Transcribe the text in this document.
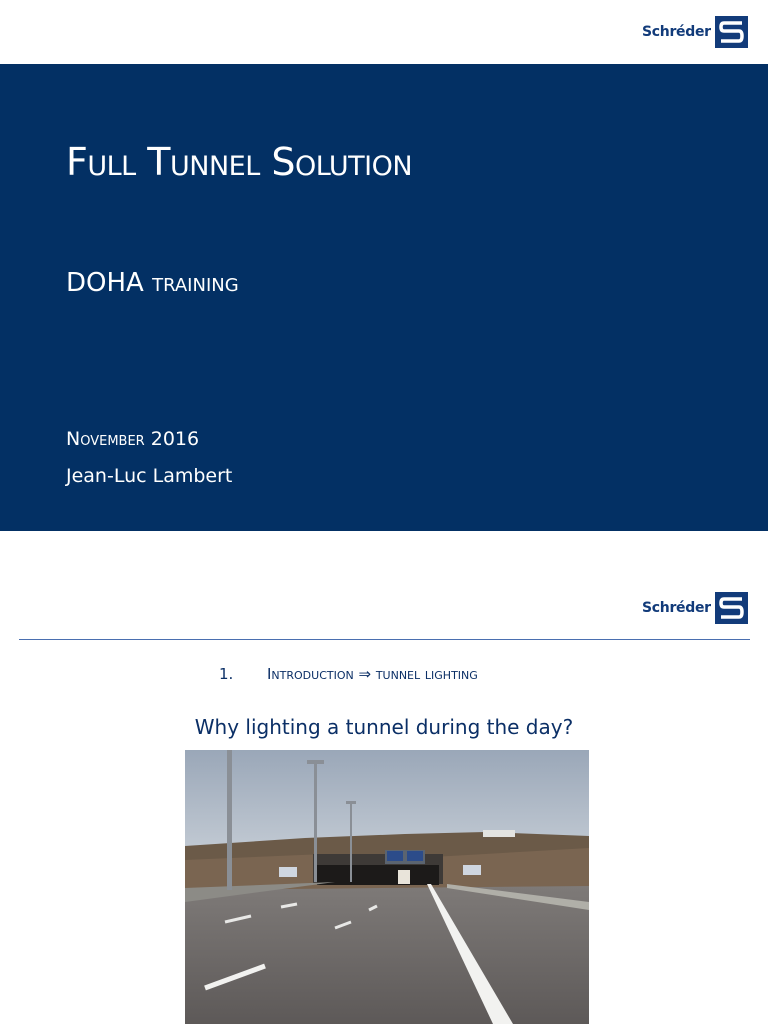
Schréder
Full Tunnel Solution
DOHA training
November 2016
Jean-Luc Lambert
Schréder
1. Introduction ⇒ tunnel lighting
Why lighting a tunnel during the day?
